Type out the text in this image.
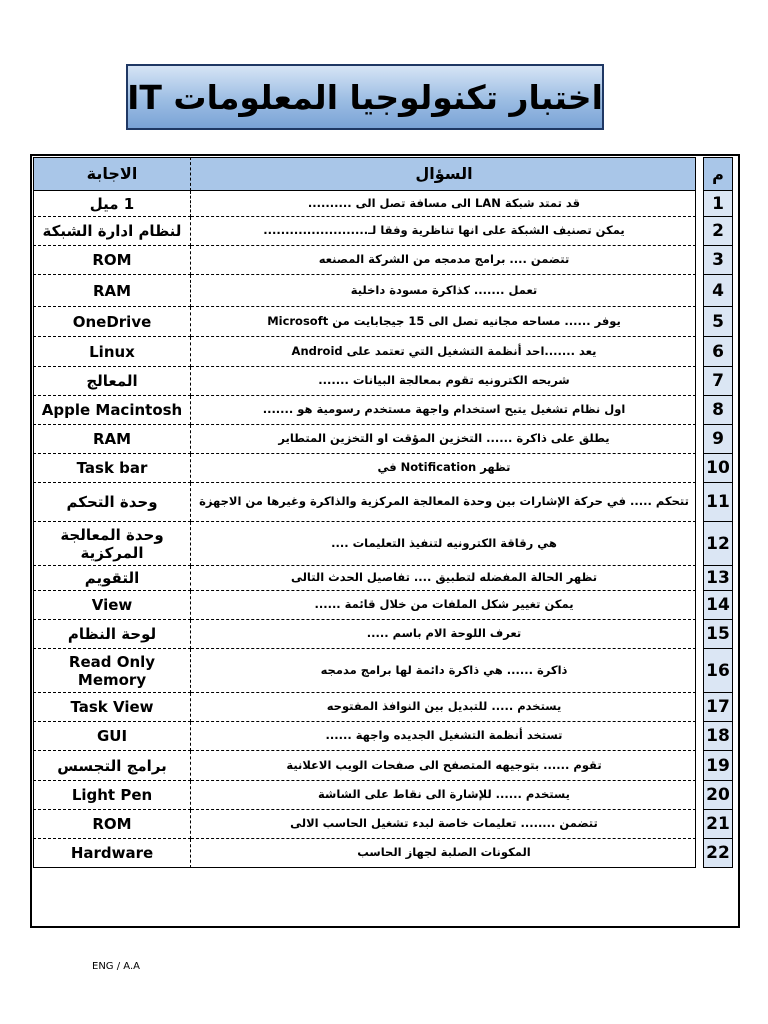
اختبار تكنولوجيا المعلومات IT
الاجابة	السؤال		م
1 ميل	قد تمتد شبكة LAN الى مسافة تصل الى ..........		1
لنظام ادارة الشبكة	يمكن تصنيف الشبكة على انها تناظرية وفقا لـ........................		2
ROM	تتضمن .... برامج مدمجه من الشركة المصنعه		3
RAM	تعمل ....... كذاكرة مسودة داخلية		4
OneDrive	يوفر ...... مساحه مجانيه تصل الى 15 جيجابايت من Microsoft		5
Linux	يعد .......احد أنظمة التشغيل التي تعتمد على Android		6
المعالج	شريحه الكترونيه تقوم بمعالجة البيانات .......		7
Apple Macintosh	اول نظام تشغيل يتيح استخدام واجهة مستخدم رسومية هو .......		8
RAM	يطلق على ذاكرة ...... التخزين المؤقت او التخزين المتطاير		9
Task bar	تظهر Notification في		10
وحدة التحكم	تتحكم ..... في حركة الإشارات بين وحدة المعالجة المركزية والذاكرة وغيرها من الاجهزة		11
وحدة المعالجة المركزية	هي رقاقة الكترونيه لتنفيذ التعليمات ....		12
التقويم	تظهر الحالة المفضله لتطبيق .... تفاصيل الحدث التالى		13
View	يمكن تغيير شكل الملفات من خلال قائمة ......		14
لوحة النظام	تعرف اللوحة الام باسم .....		15
Read Only Memory	ذاكرة ...... هي ذاكرة دائمة لها برامج مدمجه		16
Task View	يستخدم ..... للتبديل بين النوافذ المفتوحه		17
GUI	تستخد أنظمة التشغيل الجديده واجهة ......		18
برامج التجسس	تقوم ...... بتوجيهه المتصفح الى صفحات الويب الاعلانية		19
Light Pen	يستخدم ...... للإشارة الى نقاط على الشاشة		20
ROM	تتضمن ........ تعليمات خاصة لبدء تشغيل الحاسب الالى		21
Hardware	المكونات الصلبة لجهاز الحاسب		22
ENG / A.A
